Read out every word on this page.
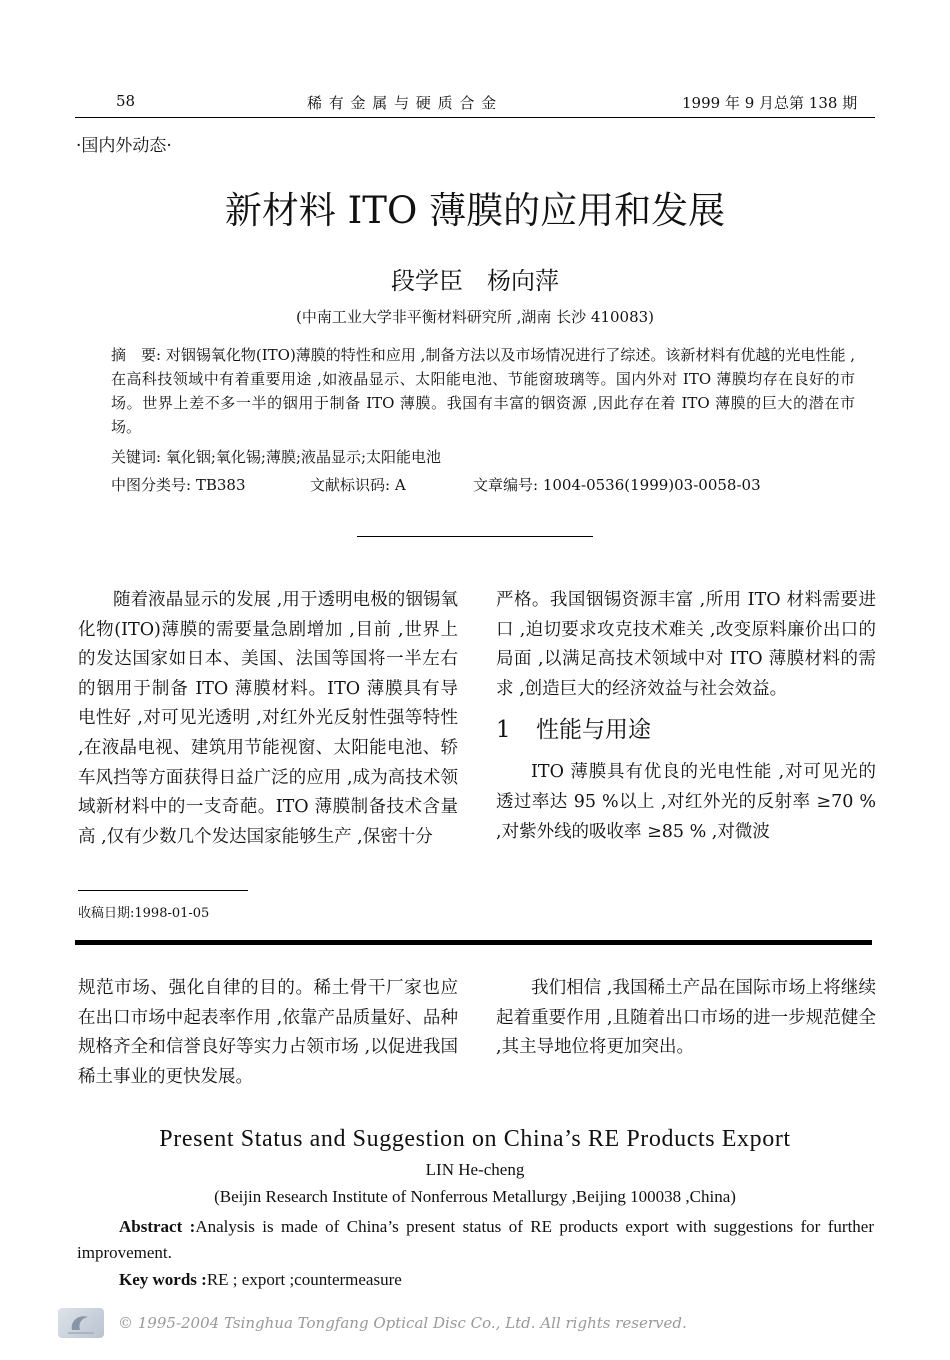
58	稀 有 金 属 与 硬 质 合 金	1999 年 9 月总第 138 期
·国内外动态·
新材料 ITO 薄膜的应用和发展
段学臣　杨向萍
(中南工业大学非平衡材料研究所 ,湖南 长沙 410083)
摘　要: 对铟锡氧化物(ITO)薄膜的特性和应用 ,制备方法以及市场情况进行了综述。该新材料有优越的光电性能 ,在高科技领域中有着重要用途 ,如液晶显示、太阳能电池、节能窗玻璃等。国内外对 ITO 薄膜均存在良好的市场。世界上差不多一半的铟用于制备 ITO 薄膜。我国有丰富的铟资源 ,因此存在着 ITO 薄膜的巨大的潜在市场。
关键词: 氧化铟;氧化锡;薄膜;液晶显示;太阳能电池
中图分类号: TB383	文献标识码: A	文章编号: 1004-0536(1999)03-0058-03

随着液晶显示的发展 ,用于透明电极的铟锡氧化物(ITO)薄膜的需要量急剧增加 ,目前 ,世界上的发达国家如日本、美国、法国等国将一半左右的铟用于制备 ITO 薄膜材料。ITO 薄膜具有导电性好 ,对可见光透明 ,对红外光反射性强等特性 ,在液晶电视、建筑用节能视窗、太阳能电池、轿车风挡等方面获得日益广泛的应用 ,成为高技术领域新材料中的一支奇葩。ITO 薄膜制备技术含量高 ,仅有少数几个发达国家能够生产 ,保密十分

严格。我国铟锡资源丰富 ,所用 ITO 材料需要进口 ,迫切要求攻克技术难关 ,改变原料廉价出口的局面 ,以满足高技术领域中对 ITO 薄膜材料的需求 ,创造巨大的经济效益与社会效益。

1 性能与用途

ITO 薄膜具有优良的光电性能 ,对可见光的透过率达 95 %以上 ,对红外光的反射率 ≥70 % ,对紫外线的吸收率 ≥85 % ,对微波

收稿日期:1998-01-05

规范市场、强化自律的目的。稀土骨干厂家也应在出口市场中起表率作用 ,依靠产品质量好、品种规格齐全和信誉良好等实力占领市场 ,以促进我国稀土事业的更快发展。

我们相信 ,我国稀土产品在国际市场上将继续起着重要作用 ,且随着出口市场的进一步规范健全 ,其主导地位将更加突出。

Present Status and Suggestion on China’s RE Products Export
LIN He-cheng
(Beijin Research Institute of Nonferrous Metallurgy ,Beijing 100038 ,China)
Abstract :Analysis is made of China’s present status of RE products export with suggestions for further improvement.
Key words :RE ; export ;countermeasure
© 1995-2004 Tsinghua Tongfang Optical Disc Co., Ltd. All rights reserved.
